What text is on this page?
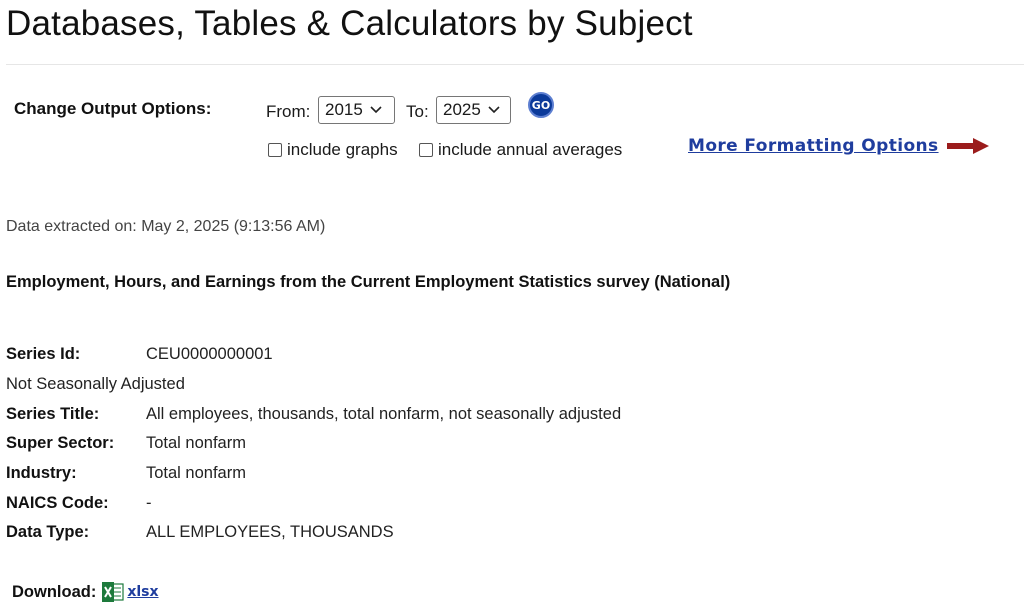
Databases, Tables & Calculators by Subject
Change Output Options:	From: 2015	To: 2025	GO
include graphs include annual averages	More Formatting Options
Data extracted on: May 2, 2025 (9:13:56 AM)
Employment, Hours, and Earnings from the Current Employment Statistics survey (National)
Series Id:	CEU0000000001
Not Seasonally Adjusted
Series Title:	All employees, thousands, total nonfarm, not seasonally adjusted
Super Sector:	Total nonfarm
Industry:	Total nonfarm
NAICS Code:	-
Data Type:	ALL EMPLOYEES, THOUSANDS
Download: xlsx
